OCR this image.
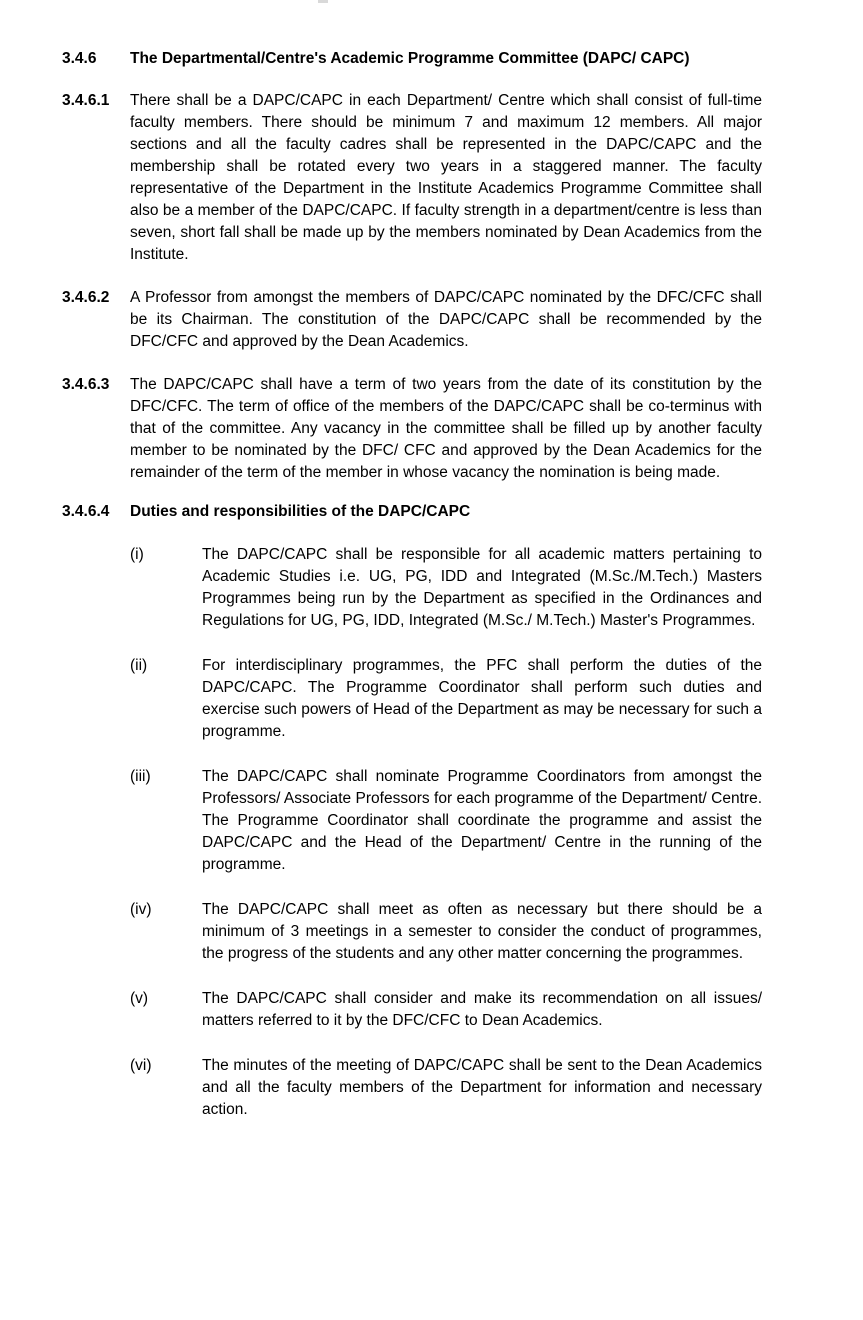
3.4.6	The Departmental/Centre's Academic Programme Committee (DAPC/ CAPC)
3.4.6.1	There shall be a DAPC/CAPC in each Department/ Centre which shall consist of full-time faculty members. There should be minimum 7 and maximum 12 members. All major sections and all the faculty cadres shall be represented in the DAPC/CAPC and the membership shall be rotated every two years in a staggered manner. The faculty representative of the Department in the Institute Academics Programme Committee shall also be a member of the DAPC/CAPC. If faculty strength in a department/centre is less than seven, short fall shall be made up by the members nominated by Dean Academics from the Institute.
3.4.6.2	A Professor from amongst the members of DAPC/CAPC nominated by the DFC/CFC shall be its Chairman. The constitution of the DAPC/CAPC shall be recommended by the DFC/CFC and approved by the Dean Academics.
3.4.6.3	The DAPC/CAPC shall have a term of two years from the date of its constitution by the DFC/CFC. The term of office of the members of the DAPC/CAPC shall be co-terminus with that of the committee. Any vacancy in the committee shall be filled up by another faculty member to be nominated by the DFC/ CFC and approved by the Dean Academics for the remainder of the term of the member in whose vacancy the nomination is being made.
3.4.6.4	Duties and responsibilities of the DAPC/CAPC
(i)	The DAPC/CAPC shall be responsible for all academic matters pertaining to Academic Studies i.e. UG, PG, IDD and Integrated (M.Sc./M.Tech.) Masters Programmes being run by the Department as specified in the Ordinances and Regulations for UG, PG, IDD, Integrated (M.Sc./ M.Tech.) Master's Programmes.
(ii)	For interdisciplinary programmes, the PFC shall perform the duties of the DAPC/CAPC. The Programme Coordinator shall perform such duties and exercise such powers of Head of the Department as may be necessary for such a programme.
(iii)	The DAPC/CAPC shall nominate Programme Coordinators from amongst the Professors/ Associate Professors for each programme of the Department/ Centre. The Programme Coordinator shall coordinate the programme and assist the DAPC/CAPC and the Head of the Department/ Centre in the running of the programme.
(iv)	The DAPC/CAPC shall meet as often as necessary but there should be a minimum of 3 meetings in a semester to consider the conduct of programmes, the progress of the students and any other matter concerning the programmes.
(v)	The DAPC/CAPC shall consider and make its recommendation on all issues/ matters referred to it by the DFC/CFC to Dean Academics.
(vi)	The minutes of the meeting of DAPC/CAPC shall be sent to the Dean Academics and all the faculty members of the Department for information and necessary action.
